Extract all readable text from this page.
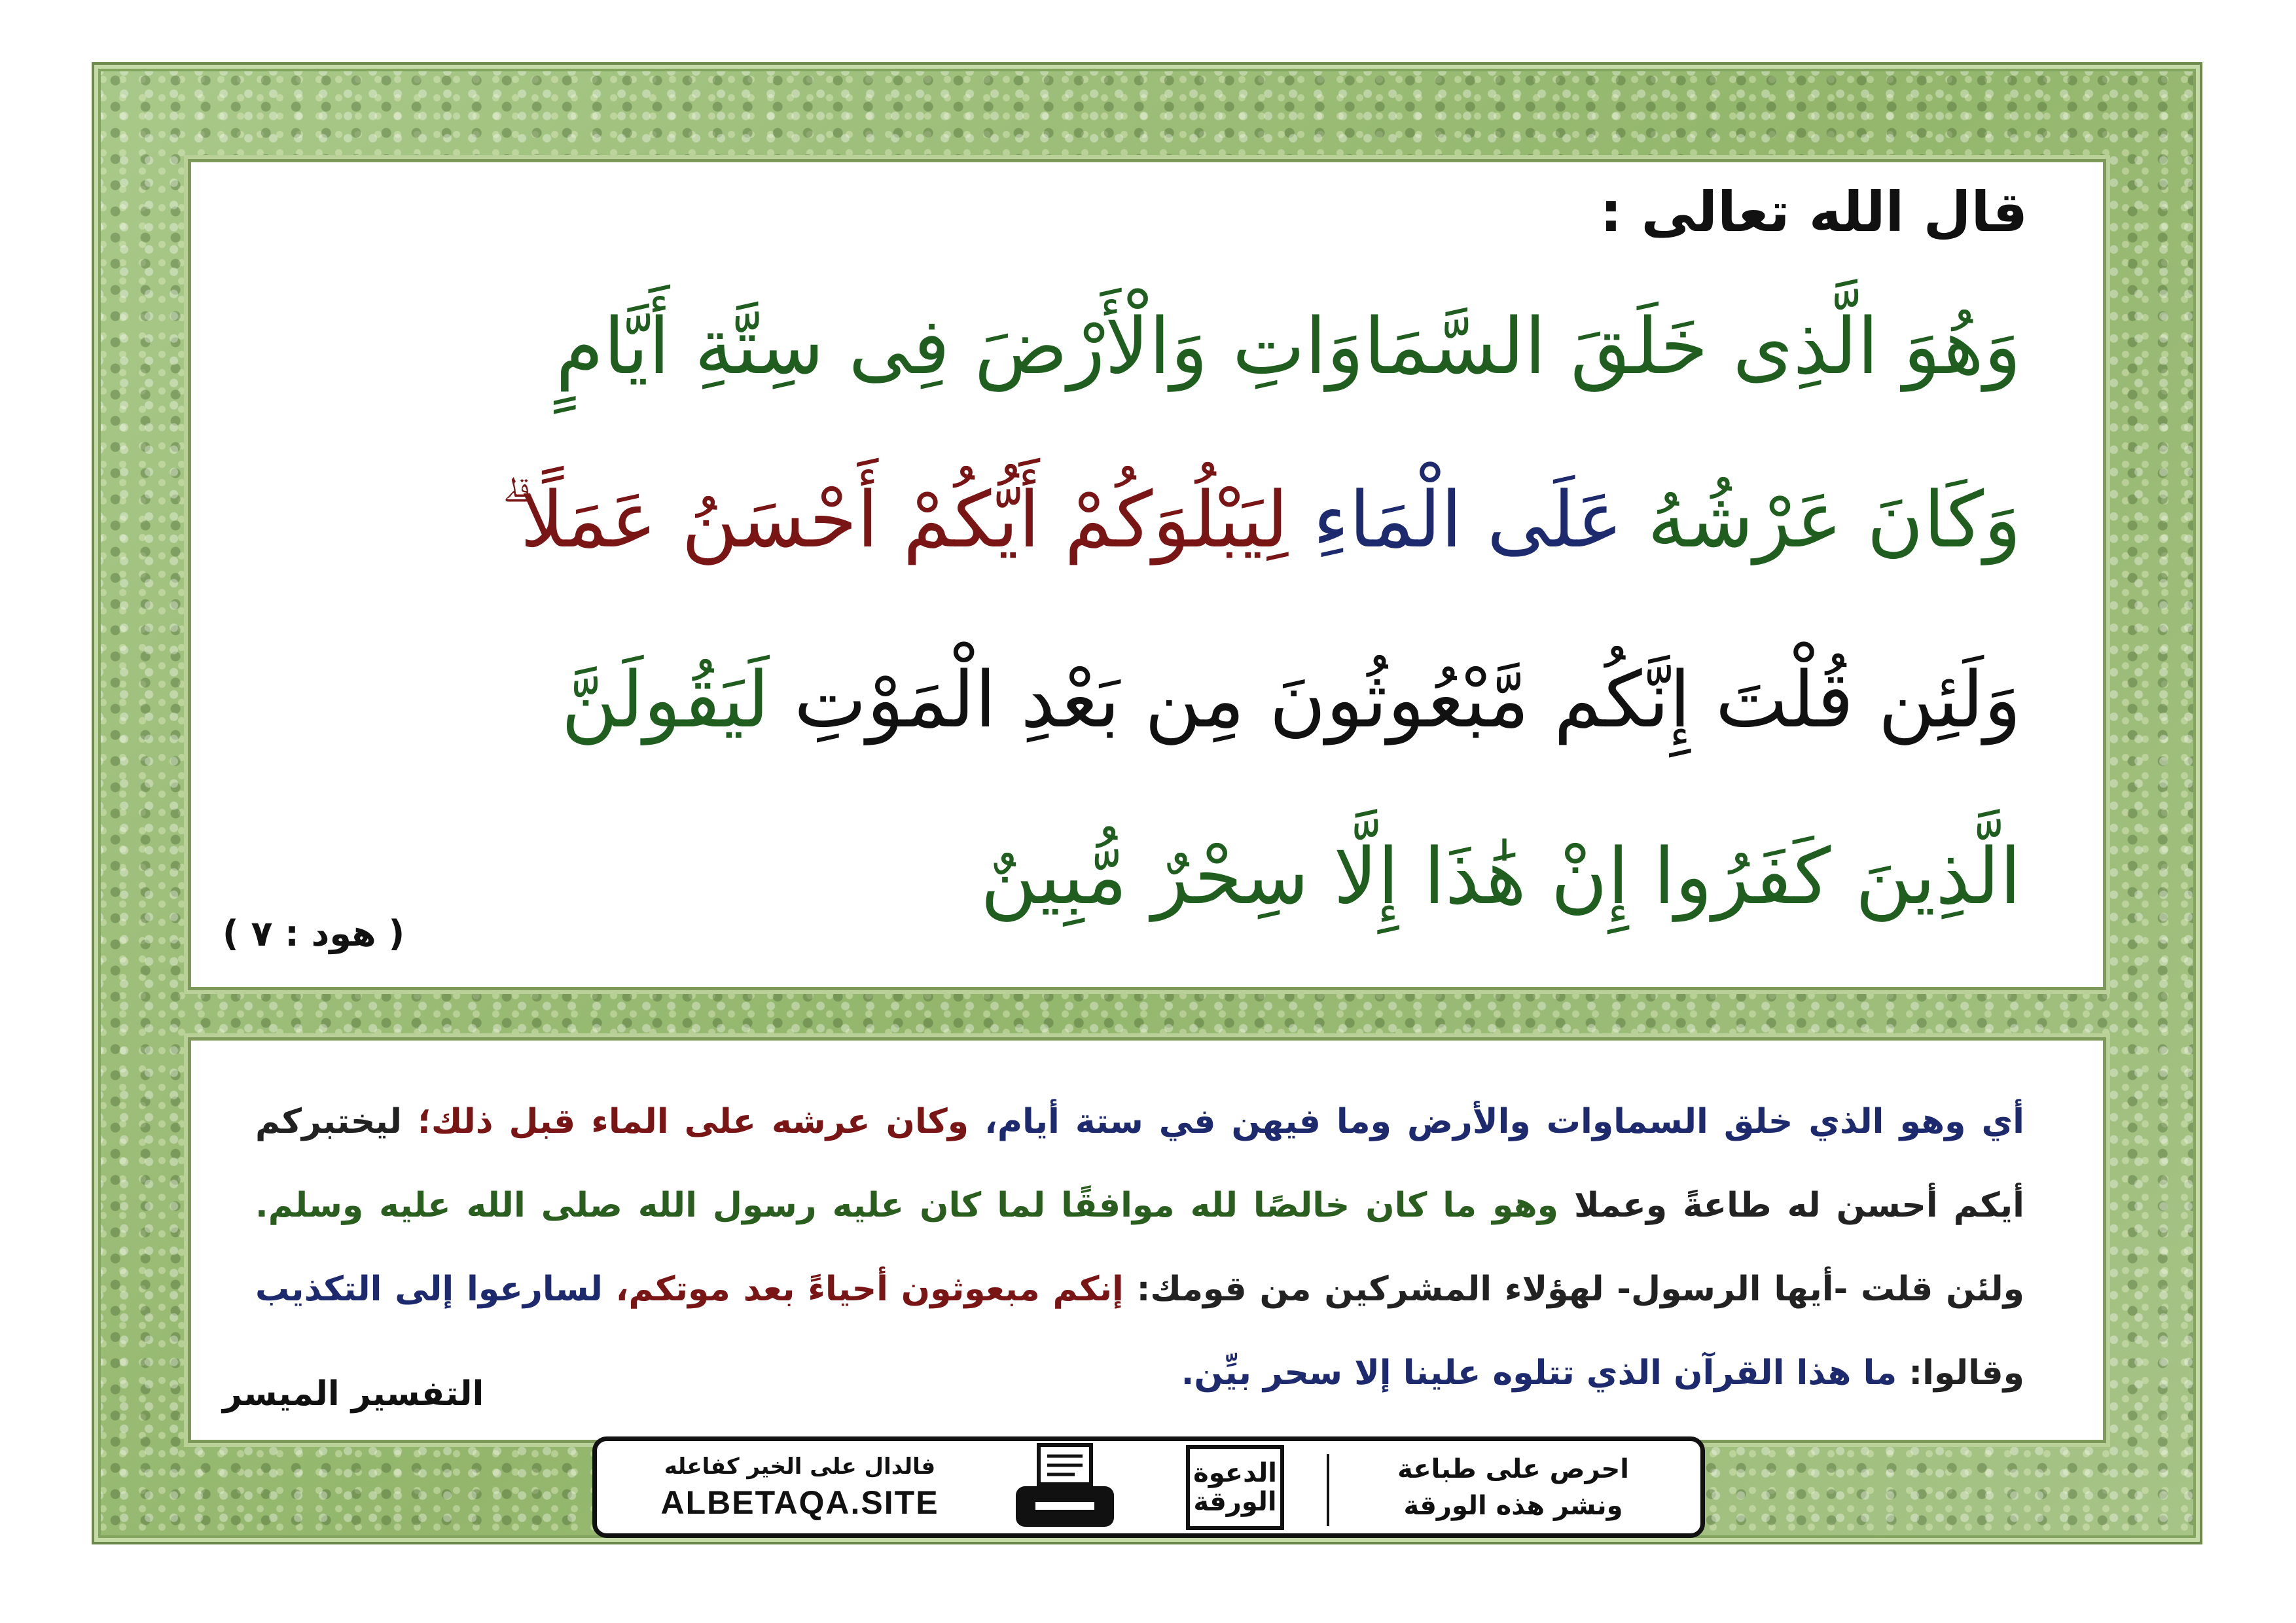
قال الله تعالى :
وَهُوَ الَّذِى خَلَقَ السَّمَاوَاتِ وَالْأَرْضَ فِى سِتَّةِ أَيَّامٍ
وَكَانَ عَرْشُهُ عَلَى الْمَاءِ لِيَبْلُوَكُمْ أَيُّكُمْ أَحْسَنُ عَمَلًا ۗ
وَلَئِن قُلْتَ إِنَّكُم مَّبْعُوثُونَ مِن بَعْدِ الْمَوْتِ لَيَقُولَنَّ
الَّذِينَ كَفَرُوا إِنْ هَٰذَا إِلَّا سِحْرٌ مُّبِينٌ
( هود : ٧ )
أي وهو الذي خلق السماوات والأرض وما فيهن في ستة أيام، وكان عرشه على الماء قبل ذلك؛ ليختبركم أيكم أحسن له طاعةً وعملا وهو ما كان خالصًا لله موافقًا لما كان عليه رسول الله صلى الله عليه وسلم. ولئن قلت -أيها الرسول- لهؤلاء المشركين من قومك: إنكم مبعوثون أحياءً بعد موتكم، لسارعوا إلى التكذيب وقالوا: ما هذا القرآن الذي تتلوه علينا إلا سحر بيِّن.
التفسير الميسر
فالدال على الخير كفاعله
ALBETAQA.SITE
الدعوة
الورقة
احرص على طباعة
ونشر هذه الورقة
